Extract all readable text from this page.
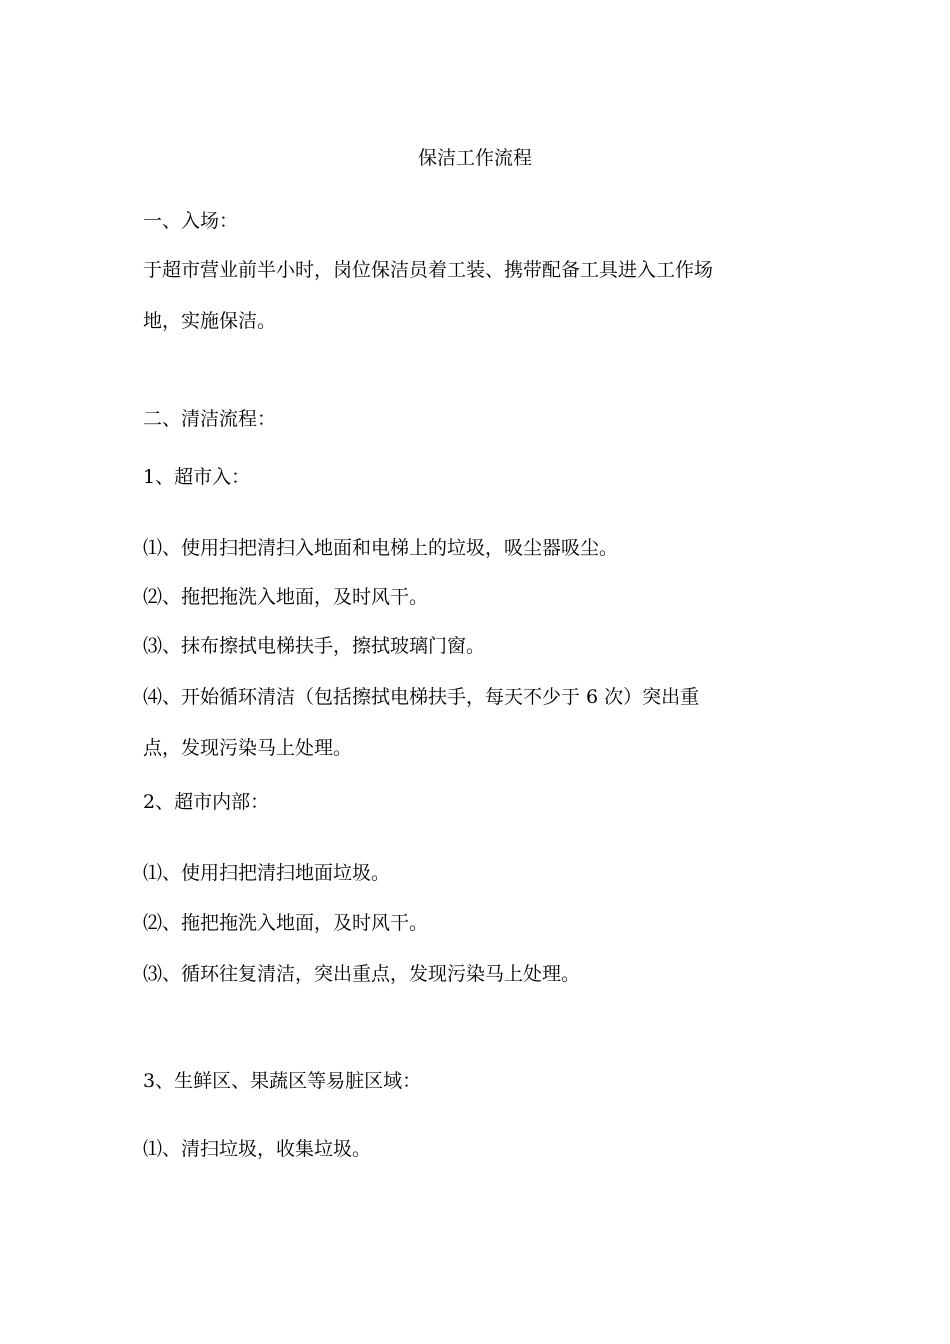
保洁工作流程
一、入场：
于超市营业前半小时，岗位保洁员着工装、携带配备工具进入工作场
地，实施保洁。
二、清洁流程：
1、超市入：
⑴、使用扫把清扫入地面和电梯上的垃圾，吸尘器吸尘。
⑵、拖把拖洗入地面，及时风干。
⑶、抹布擦拭电梯扶手，擦拭玻璃门窗。
⑷、开始循环清洁（包括擦拭电梯扶手，每天不少于 6 次）突出重
点，发现污染马上处理。
2、超市内部：
⑴、使用扫把清扫地面垃圾。
⑵、拖把拖洗入地面，及时风干。
⑶、循环往复清洁，突出重点，发现污染马上处理。
3、生鲜区、果蔬区等易脏区域：
⑴、清扫垃圾，收集垃圾。
